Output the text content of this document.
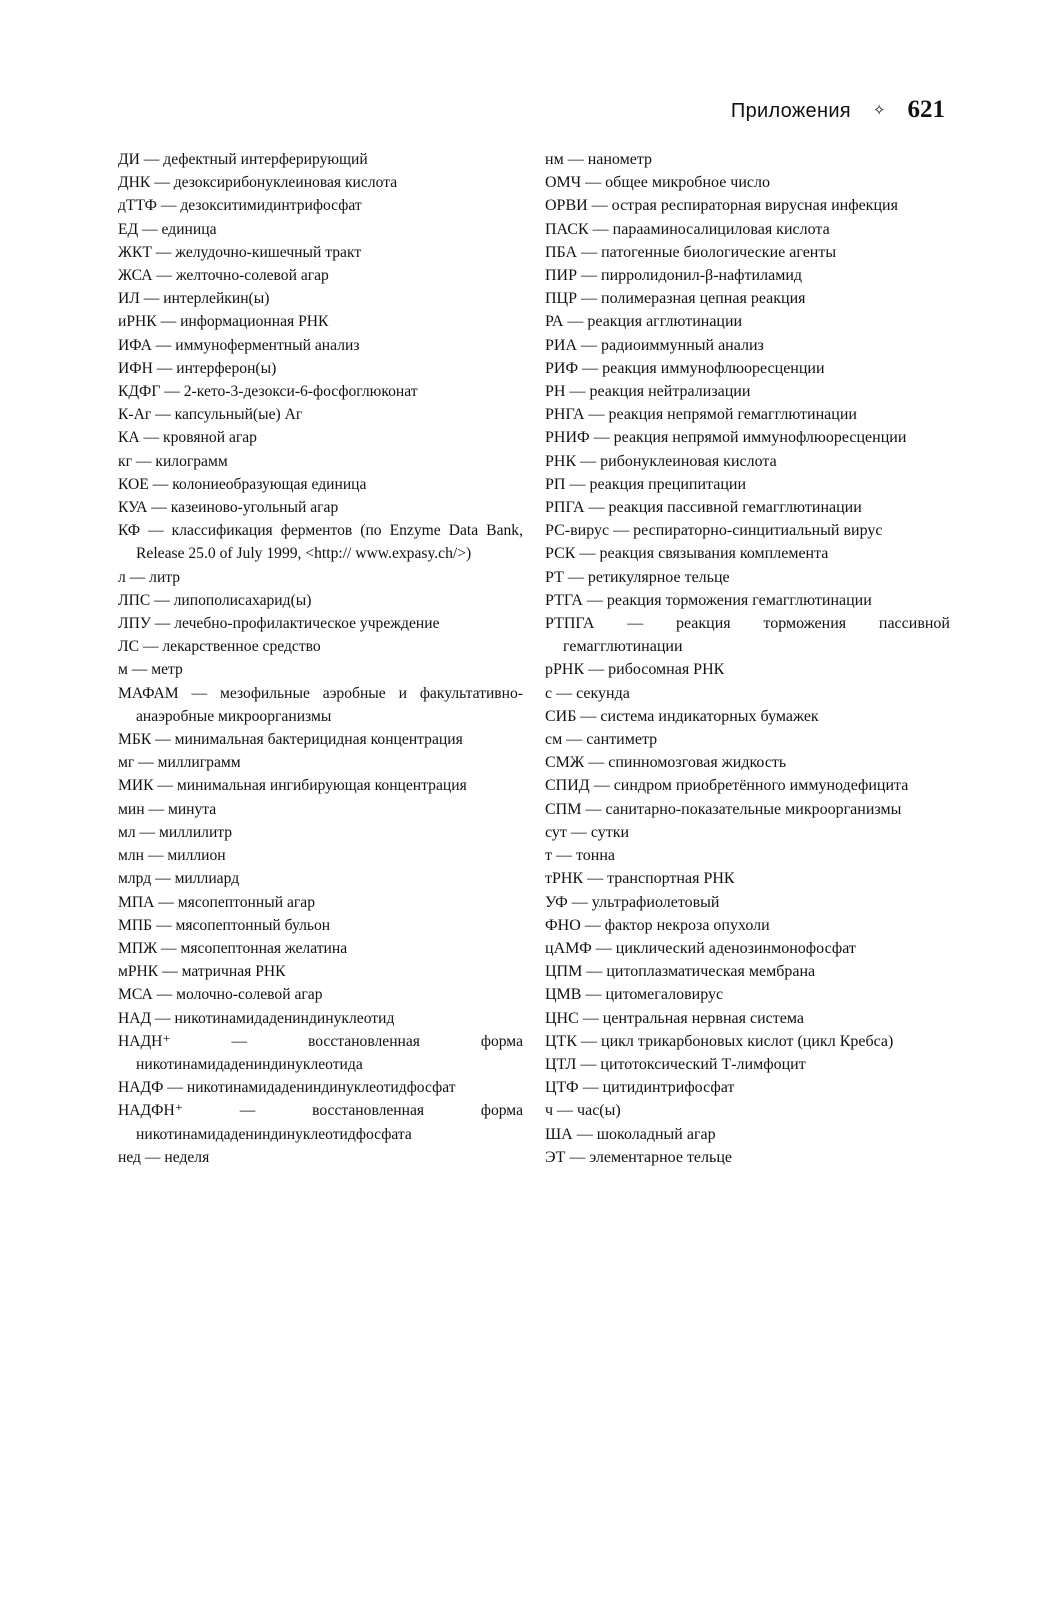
Приложения ✧ 621
ДИ — дефектный интерферирующий
ДНК — дезоксирибонуклеиновая кислота
дТТФ — дезокситимидинтрифосфат
ЕД — единица
ЖКТ — желудочно-кишечный тракт
ЖСА — желточно-солевой агар
ИЛ — интерлейкин(ы)
иРНК — информационная РНК
ИФА — иммуноферментный анализ
ИФН — интерферон(ы)
КДФГ — 2-кето-3-дезокси-6-фосфоглюконат
К-Аг — капсульный(ые) Аг
КА — кровяной агар
кг — килограмм
КОЕ — колониеобразующая единица
КУА — казеиново-угольный агар
КФ — классификация ферментов (по Enzyme Data Bank, Release 25.0 of July 1999, <http:// www.expasy.ch/>)
л — литр
ЛПС — липополисахарид(ы)
ЛПУ — лечебно-профилактическое учреждение
ЛС — лекарственное средство
м — метр
МАФАМ — мезофильные аэробные и факультативно-анаэробные микроорганизмы
МБК — минимальная бактерицидная концентрация
мг — миллиграмм
МИК — минимальная ингибирующая концентрация
мин — минута
мл — миллилитр
млн — миллион
млрд — миллиард
МПА — мясопептонный агар
МПБ — мясопептонный бульон
МПЖ — мясопептонная желатина
мРНК — матричная РНК
МСА — молочно-солевой агар
НАД — никотинамидадениндинуклеотид
НАДН⁺ — восстановленная форма никотинамидадениндинуклеотида
НАДФ — никотинамидадениндинуклеотидфосфат
НАДФН⁺ — восстановленная форма никотинамидадениндинуклеотидфосфата
нед — неделя
нм — нанометр
ОМЧ — общее микробное число
ОРВИ — острая респираторная вирусная инфекция
ПАСК — парааминосалициловая кислота
ПБА — патогенные биологические агенты
ПИР — пирролидонил-β-нафтиламид
ПЦР — полимеразная цепная реакция
РА — реакция агглютинации
РИА — радиоиммунный анализ
РИФ — реакция иммунофлюоресценции
РН — реакция нейтрализации
РНГА — реакция непрямой гемагглютинации
РНИФ — реакция непрямой иммунофлюоресценции
РНК — рибонуклеиновая кислота
РП — реакция преципитации
РПГА — реакция пассивной гемагглютинации
РС-вирус — респираторно-синцитиальный вирус
РСК — реакция связывания комплемента
РТ — ретикулярное тельце
РТГА — реакция торможения гемагглютинации
РТПГА — реакция торможения пассивной гемагглютинации
рРНК — рибосомная РНК
с — секунда
СИБ — система индикаторных бумажек
см — сантиметр
СМЖ — спинномозговая жидкость
СПИД — синдром приобретённого иммунодефицита
СПМ — санитарно-показательные микроорганизмы
сут — сутки
т — тонна
тРНК — транспортная РНК
УФ — ультрафиолетовый
ФНО — фактор некроза опухоли
цАМФ — циклический аденозинмонофосфат
ЦПМ — цитоплазматическая мембрана
ЦМВ — цитомегаловирус
ЦНС — центральная нервная система
ЦТК — цикл трикарбоновых кислот (цикл Кребса)
ЦТЛ — цитотоксический Т-лимфоцит
ЦТФ — цитидинтрифосфат
ч — час(ы)
ША — шоколадный агар
ЭТ — элементарное тельце
